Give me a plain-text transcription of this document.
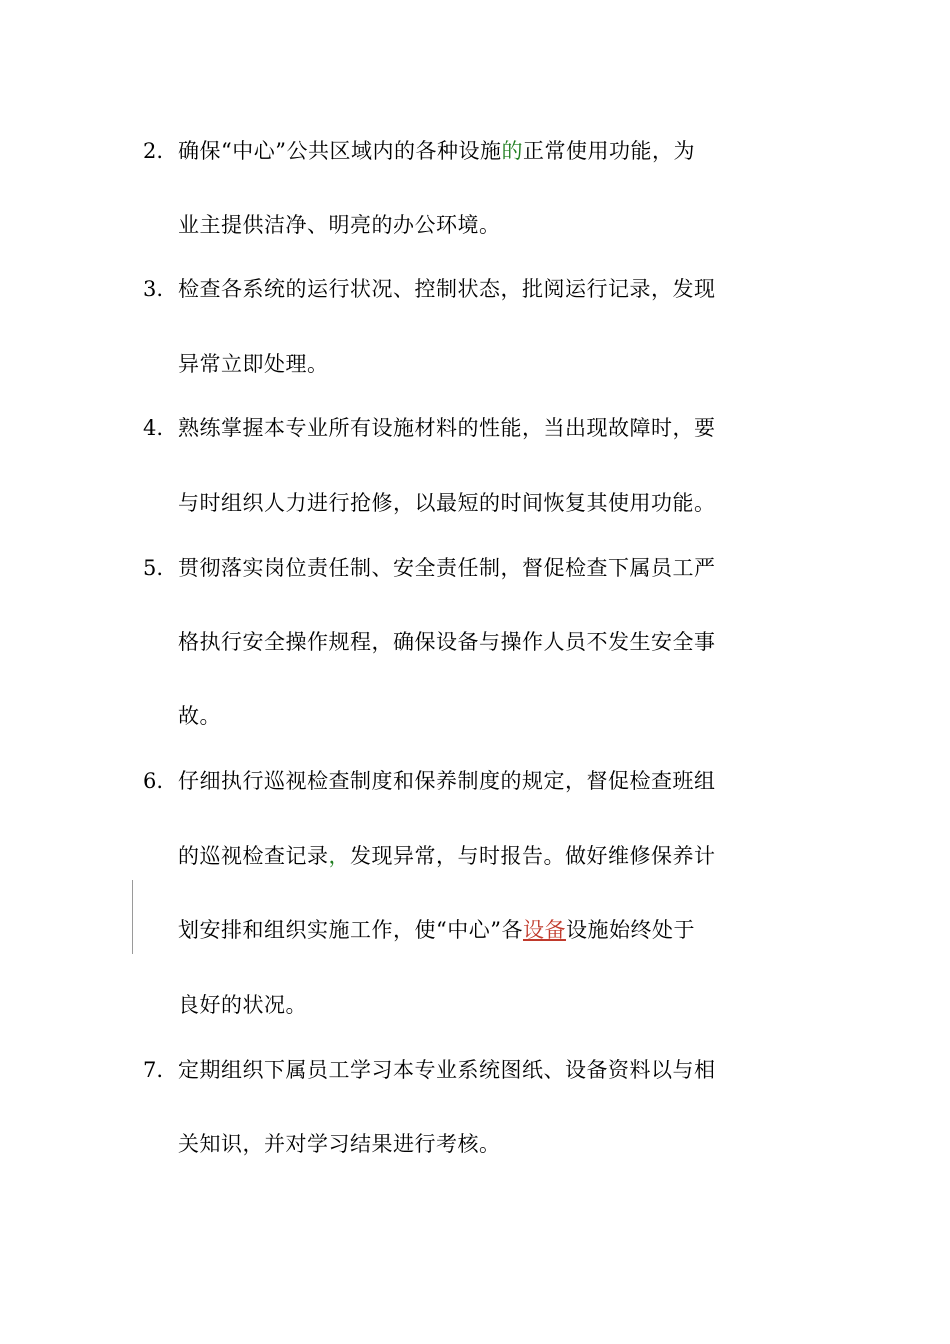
2. 确保“中心”公共区域内的各种设施的正常使用功能，为
业主提供洁净、明亮的办公环境。
3. 检查各系统的运行状况、控制状态，批阅运行记录，发现
异常立即处理。
4. 熟练掌握本专业所有设施材料的性能，当出现故障时，要
与时组织人力进行抢修，以最短的时间恢复其使用功能。
5. 贯彻落实岗位责任制、安全责任制，督促检查下属员工严
格执行安全操作规程，确保设备与操作人员不发生安全事
故。
6. 仔细执行巡视检查制度和保养制度的规定，督促检查班组
的巡视检查记录，发现异常，与时报告。做好维修保养计
划安排和组织实施工作，使“中心”各设备设施始终处于
良好的状况。
7. 定期组织下属员工学习本专业系统图纸、设备资料以与相
关知识，并对学习结果进行考核。
